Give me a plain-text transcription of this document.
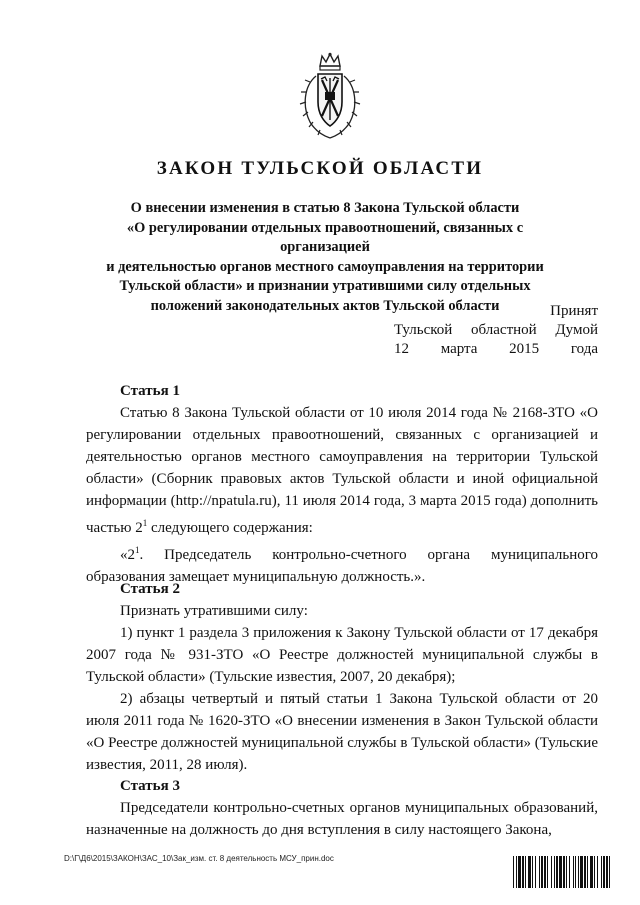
ЗАКОН ТУЛЬСКОЙ ОБЛАСТИ
О внесении изменения в статью 8 Закона Тульской области
«О регулировании отдельных правоотношений, связанных с организацией
и деятельностью органов местного самоуправления на территории
Тульской области» и признании утратившими силу отдельных
положений законодательных актов Тульской области	Принят
Тульской областной Думой
12 марта 2015 года

Статья 1

Статью 8 Закона Тульской области от 10 июля 2014 года № 2168-ЗТО «О регулировании отдельных правоотношений, связанных с организацией и деятельностью органов местного самоуправления на территории Тульской области» (Сборник правовых актов Тульской области и иной официальной информации (http://npatula.ru), 11 июля 2014 года, 3 марта 2015 года) дополнить частью $2^1$ следующего содержания:

«$2^1$. Председатель контрольно-счетного органа муниципального образования замещает муниципальную должность.».

Статья 2

Признать утратившими силу:

1) пункт 1 раздела 3 приложения к Закону Тульской области от 17 декабря 2007 года № 931-ЗТО «О Реестре должностей муниципальной службы в Тульской области» (Тульские известия, 2007, 20 декабря);

2) абзацы четвертый и пятый статьи 1 Закона Тульской области от 20 июля 2011 года № 1620-ЗТО «О внесении изменения в Закон Тульской области «О Реестре должностей муниципальной службы в Тульской области» (Тульские известия, 2011, 28 июля).

Статья 3

Председатели контрольно-счетных органов муниципальных образований, назначенные на должность до дня вступления в силу настоящего Закона,

D:\Г\Д6\2015\ЗАКОН\ЗАС_10\Зак_изм. ст. 8 деятельность МСУ_прин.doc
